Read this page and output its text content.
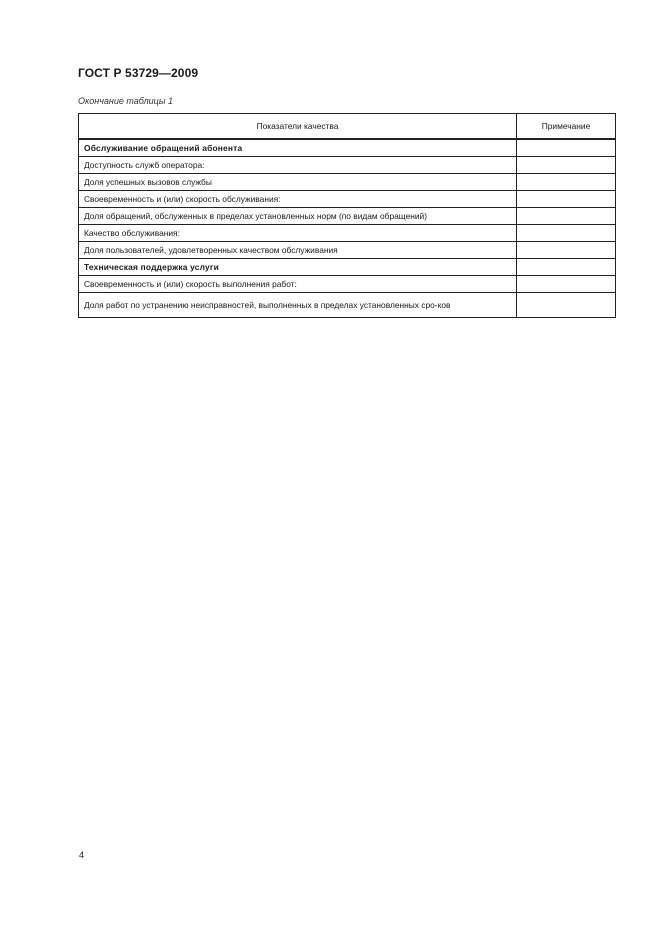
ГОСТ Р 53729—2009
Окончание таблицы 1
Показатели качества	Примечание
Обслуживание обращений абонента	
Доступность служб оператора:	
Доля успешных вызовов службы	
Своевременность и (или) скорость обслуживания:	
Доля обращений, обслуженных в пределах установленных норм (по видам обращений)	
Качество обслуживания:	
Доля пользователей, удовлетворенных качеством обслуживания	
Техническая поддержка услуги	
Своевременность и (или) скорость выполнения работ:	
Доля работ по устранению неисправностей, выполненных в пределах установленных сро-ков	
4
